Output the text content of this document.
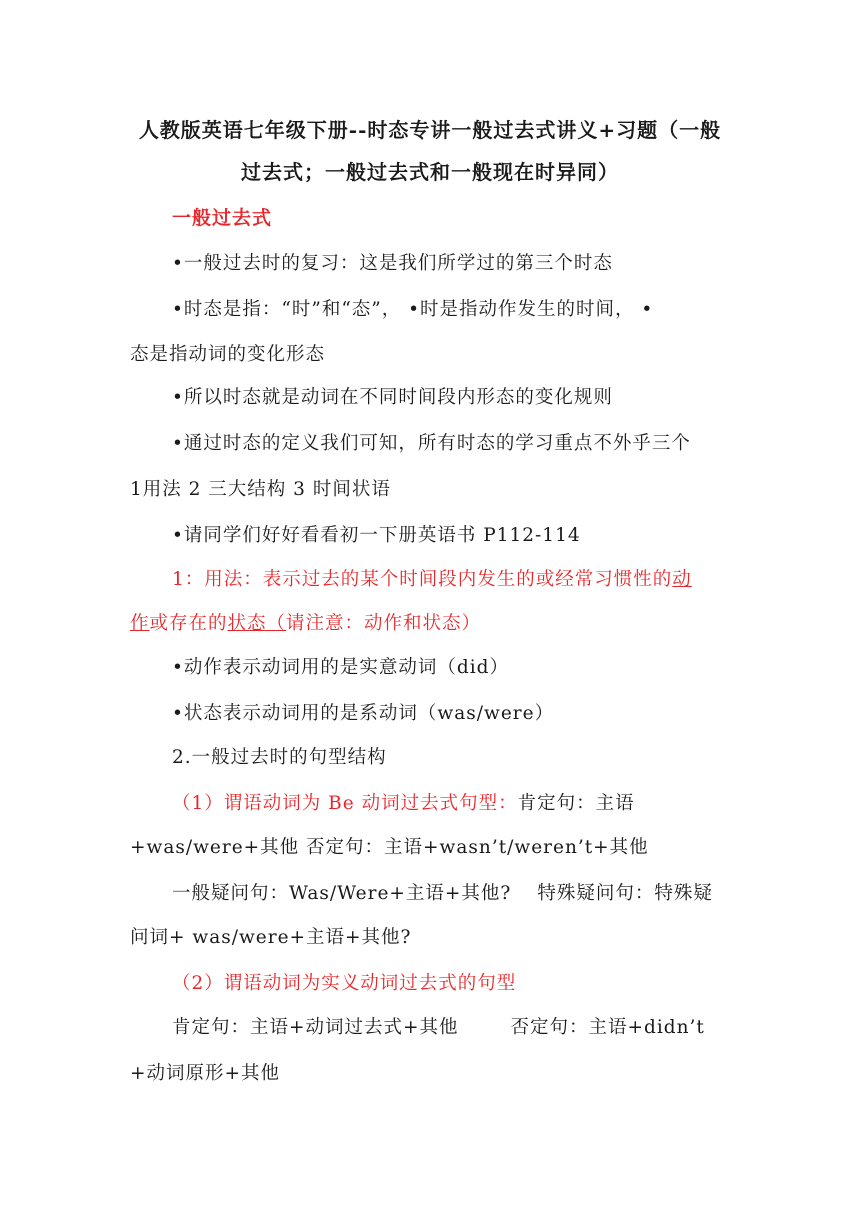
人教版英语七年级下册--时态专讲一般过去式讲义+习题（一般
过去式；一般过去式和一般现在时异同）
一般过去式
•一般过去时的复习：这是我们所学过的第三个时态
•时态是指：“时”和“态”， •时是指动作发生的时间， •
态是指动词的变化形态
•所以时态就是动词在不同时间段内形态的变化规则
•通过时态的定义我们可知，所有时态的学习重点不外乎三个
1用法 2 三大结构 3 时间状语
•请同学们好好看看初一下册英语书 P112-114
1：用法：表示过去的某个时间段内发生的或经常习惯性的动
作或存在的状态（请注意：动作和状态）
•动作表示动词用的是实意动词（did）
•状态表示动词用的是系动词（was/were）
2.一般过去时的句型结构
（1）谓语动词为 Be 动词过去式句型：肯定句：主语
+was/were+其他 否定句：主语+wasn’t/weren’t+其他
一般疑问句：Was/Were+主语+其他? 特殊疑问句：特殊疑
问词+ was/were+主语+其他?
（2）谓语动词为实义动词过去式的句型
肯定句：主语+动词过去式+其他	否定句：主语+didn’t
+动词原形+其他
